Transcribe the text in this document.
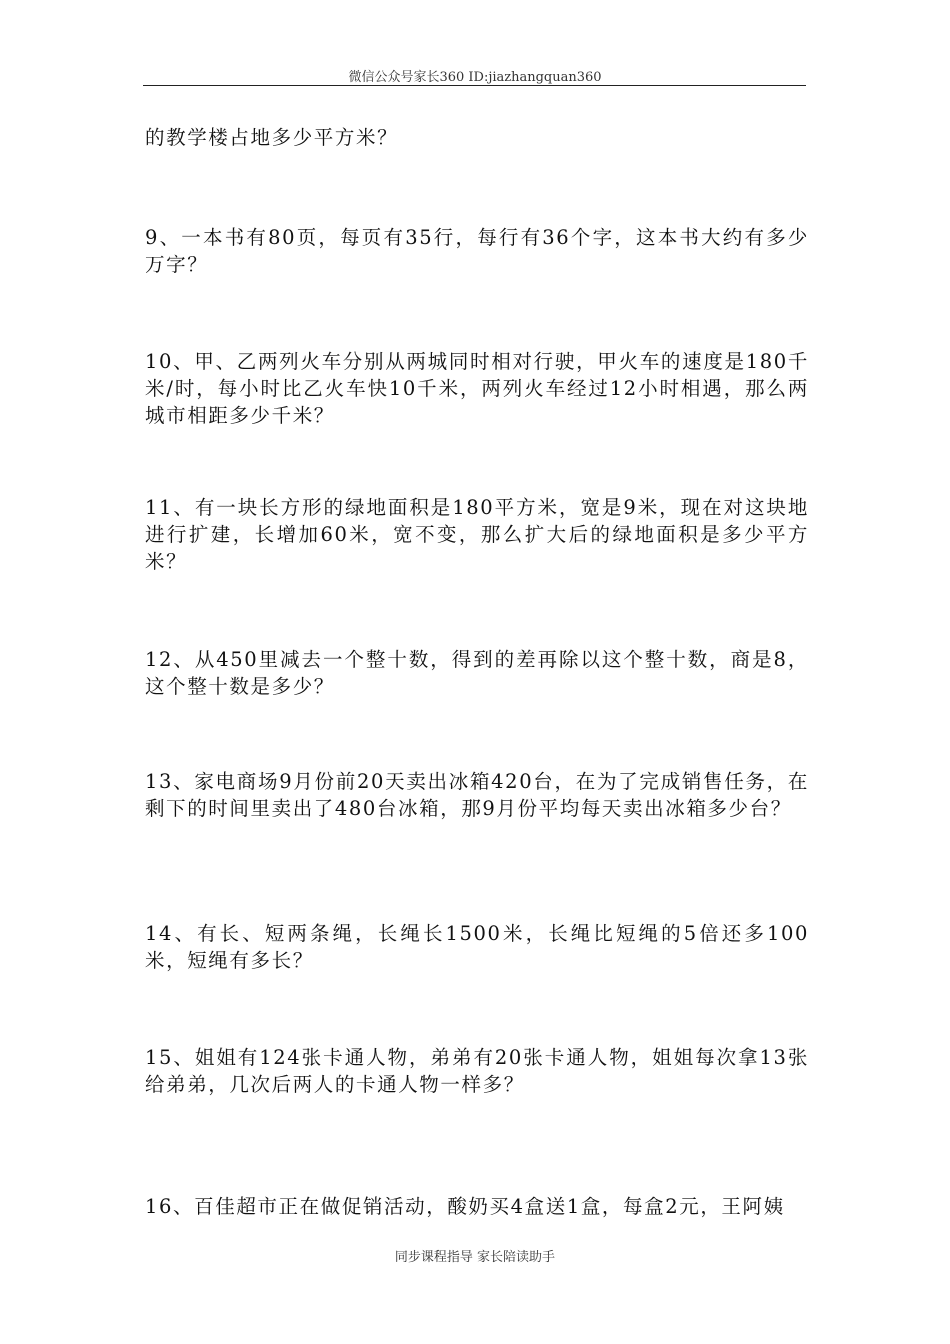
微信公众号家长360 ID:jiazhangquan360

的教学楼占地多少平方米？

9、一本书有80页，每页有35行，每行有36个字，这本书大约有多少万字？

10、甲、乙两列火车分别从两城同时相对行驶，甲火车的速度是180千米/时，每小时比乙火车快10千米，两列火车经过12小时相遇，那么两城市相距多少千米？

11、有一块长方形的绿地面积是180平方米，宽是9米，现在对这块地进行扩建，长增加60米，宽不变，那么扩大后的绿地面积是多少平方米？

12、从450里减去一个整十数，得到的差再除以这个整十数，商是8，这个整十数是多少？

13、家电商场9月份前20天卖出冰箱420台，在为了完成销售任务，在剩下的时间里卖出了480台冰箱，那9月份平均每天卖出冰箱多少台？

14、有长、短两条绳，长绳长1500米，长绳比短绳的5倍还多100米，短绳有多长？

15、姐姐有124张卡通人物，弟弟有20张卡通人物，姐姐每次拿13张给弟弟，几次后两人的卡通人物一样多？

16、百佳超市正在做促销活动，酸奶买4盒送1盒，每盒2元，王阿姨

同步课程指导 家长陪读助手
